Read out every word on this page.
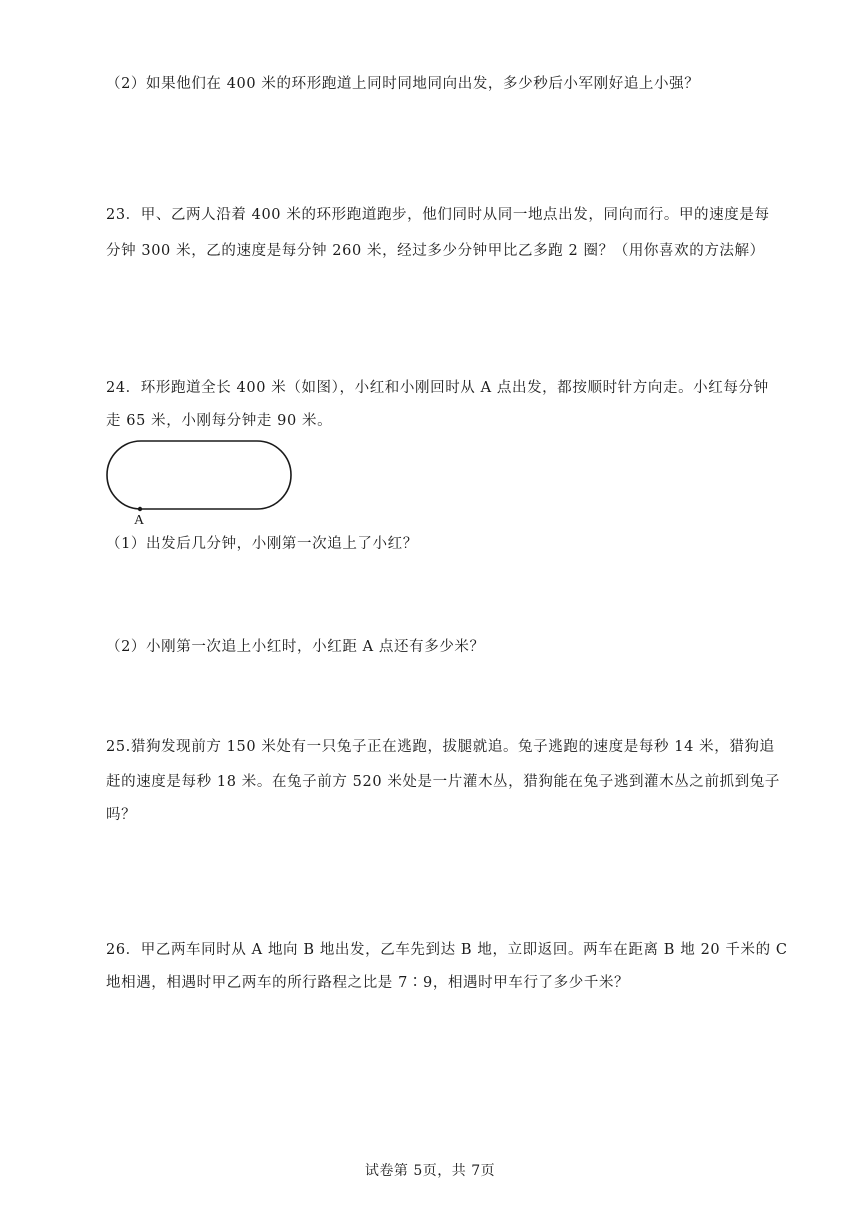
（2）如果他们在 400 米的环形跑道上同时同地同向出发，多少秒后小军刚好追上小强？
23．甲、乙两人沿着 400 米的环形跑道跑步，他们同时从同一地点出发，同向而行。甲的速度是每
分钟 300 米，乙的速度是每分钟 260 米，经过多少分钟甲比乙多跑 2 圈？（用你喜欢的方法解）
24．环形跑道全长 400 米（如图），小红和小刚回时从 A 点出发，都按顺时针方向走。小红每分钟
走 65 米，小刚每分钟走 90 米。
A
（1）出发后几分钟，小刚第一次追上了小红？
（2）小刚第一次追上小红时，小红距 A 点还有多少米？
25.猎狗发现前方 150 米处有一只兔子正在逃跑，拔腿就追。兔子逃跑的速度是每秒 14 米，猎狗追
赶的速度是每秒 18 米。在兔子前方 520 米处是一片灌木丛，猎狗能在兔子逃到灌木丛之前抓到兔子
吗？
26．甲乙两车同时从 A 地向 B 地出发，乙车先到达 B 地，立即返回。两车在距离 B 地 20 千米的 C
地相遇，相遇时甲乙两车的所行路程之比是 7∶9，相遇时甲车行了多少千米？
试卷第 5页，共 7页
